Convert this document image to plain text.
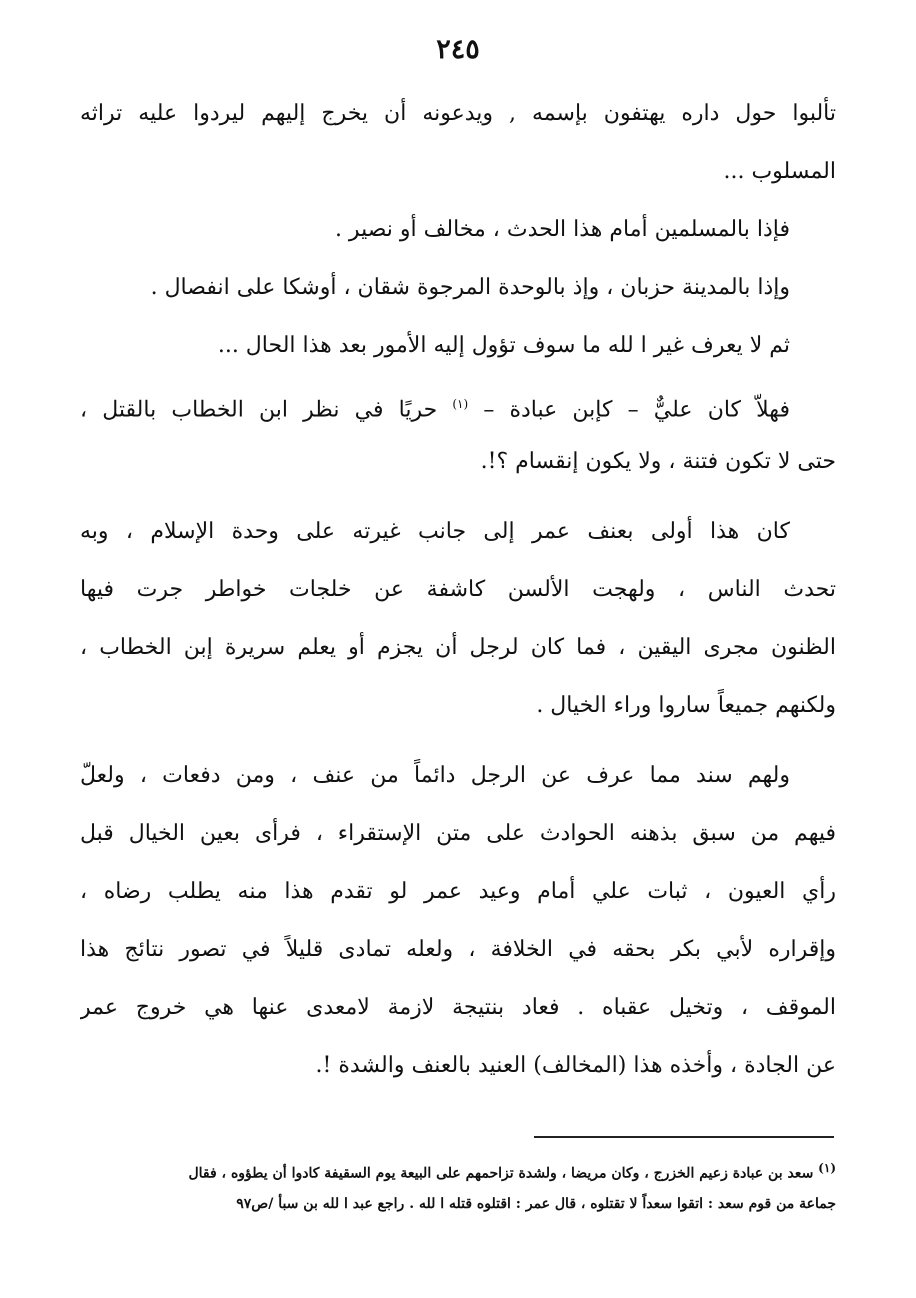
٢٤٥
تألبوا حول داره يهتفون بإسمه , ويدعونه أن يخرج إليهم ليردوا عليه تراثه
المسلوب ...
فإذا بالمسلمين أمام هذا الحدث ، مخالف أو نصير .
وإذا بالمدينة حزبان ، وإذ بالوحدة المرجوة شقان ، أوشكا على انفصال .
ثم لا يعرف غير ا لله ما سوف تؤول إليه الأمور بعد هذا الحال ...
فهلاّ كان عليٌّ – كإبن عبادة – $^{(١)}$ حريًا في نظر ابن الخطاب بالقتل ،
حتى لا تكون فتنة ، ولا يكون إنقسام ؟!.
كان هذا أولى بعنف عمر إلى جانب غيرته على وحدة الإسلام ، وبه
تحدث الناس ، ولهجت الألسن كاشفة عن خلجات خواطر جرت فيها
الظنون مجرى اليقين ، فما كان لرجل أن يجزم أو يعلم سريرة إبن الخطاب ،
ولكنهم جميعاً ساروا وراء الخيال .
ولهم سند مما عرف عن الرجل دائماً من عنف ، ومن دفعات ، ولعلّ
فيهم من سبق بذهنه الحوادث على متن الإستقراء ، فرأى بعين الخيال قبل
رأي العيون ، ثبات علي أمام وعيد عمر لو تقدم هذا منه يطلب رضاه ،
وإقراره لأبي بكر بحقه في الخلافة ، ولعله تمادى قليلاً في تصور نتائج هذا
الموقف ، وتخيل عقباه . فعاد بنتيجة لازمة لامعدى عنها هي خروج عمر
عن الجادة ، وأخذه هذا (المخالف) العنيد بالعنف والشدة !.
$^{(١)}$ سعد بن عبادة زعيم الخزرج ، وكان مريضا ، ولشدة تزاحمهم على البيعة يوم السقيفة كادوا أن يطؤوه ، فقال
جماعة من قوم سعد : اتقوا سعداً لا تقتلوه ، قال عمر : اقتلوه قتله ا لله . راجع عبد ا لله بن سبأ /ص٩٧
